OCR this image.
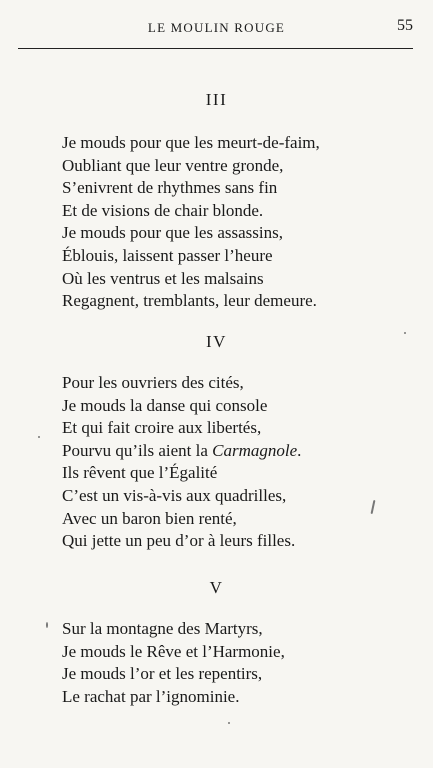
LE MOULIN ROUGE	55
III
Je mouds pour que les meurt-de-faim,
Oubliant que leur ventre gronde,
S’enivrent de rhythmes sans fin
Et de visions de chair blonde.
Je mouds pour que les assassins,
Éblouis, laissent passer l’heure
Où les ventrus et les malsains
Regagnent, tremblants, leur demeure.
IV
Pour les ouvriers des cités,
Je mouds la danse qui console
Et qui fait croire aux libertés,
Pourvu qu’ils aient la Carmagnole.
Ils rêvent que l’Égalité
C’est un vis-à-vis aux quadrilles,
Avec un baron bien renté,
Qui jette un peu d’or à leurs filles.
V
Sur la montagne des Martyrs,
Je mouds le Rêve et l’Harmonie,
Je mouds l’or et les repentirs,
Le rachat par l’ignominie.
